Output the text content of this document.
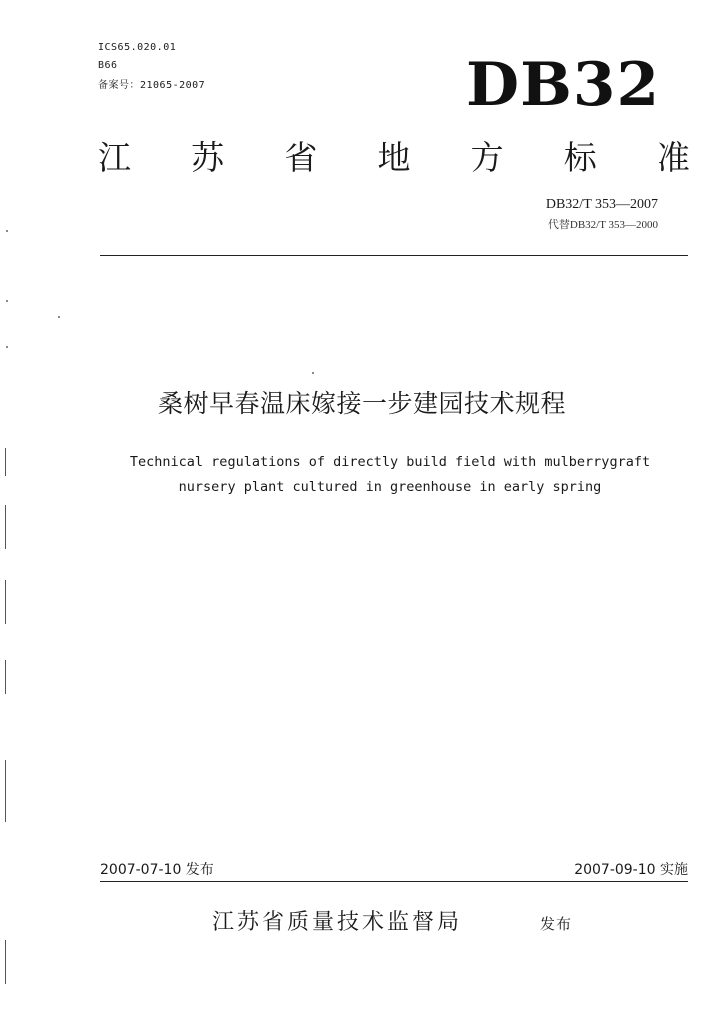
ICS65.020.01
B66
备案号：21065-2007	DB32
江 苏 省 地 方 标 准
DB32/T 353—2007
代替DB32/T 353—2000
桑树早春温床嫁接一步建园技术规程
Technical regulations of directly build field with mulberrygraft
nursery plant cultured in greenhouse in early spring
2007-07-10 发布	2007-09-10 实施
江苏省质量技术监督局	发布
